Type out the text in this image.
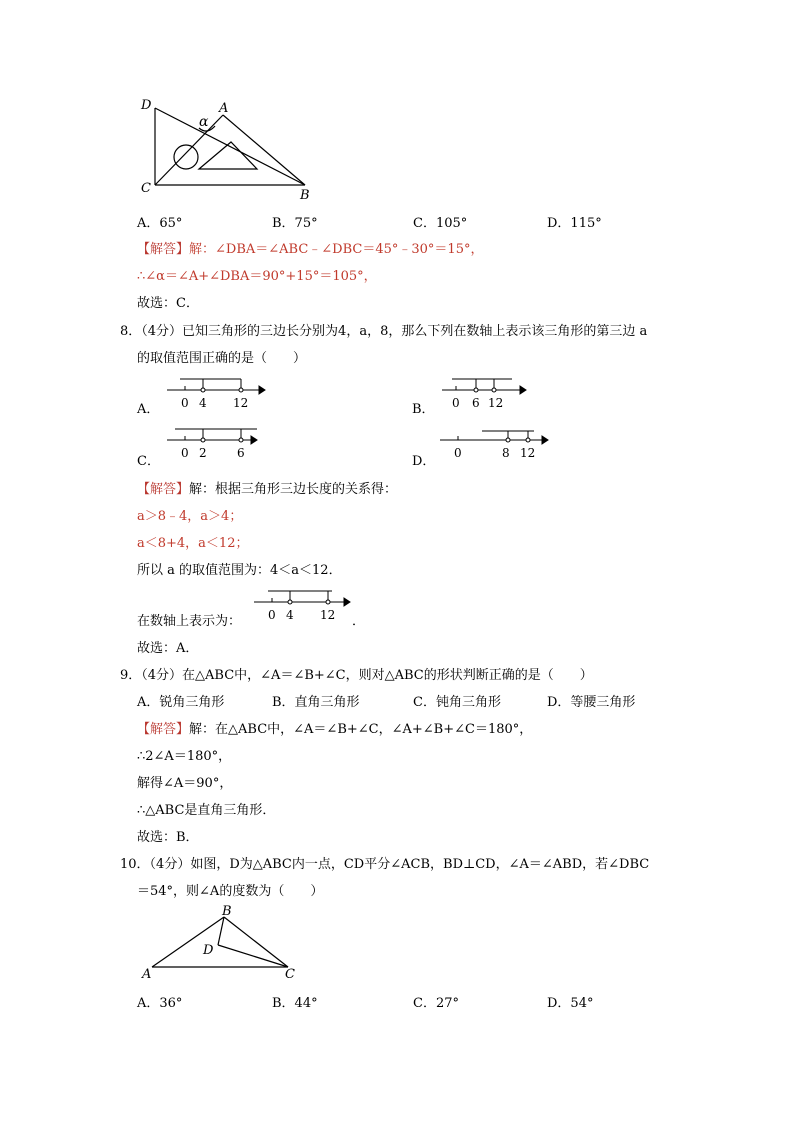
D	A
α
C	B
A．65°	B．75°	C．105°	D．115°
【解答】解：∠DBA＝∠ABC﹣∠DBC＝45°﹣30°＝15°，
∴∠α＝∠A+∠DBA＝90°+15°＝105°，
故选：C．
8．（4分）已知三角形的三边长分别为4，a，8，那么下列在数轴上表示该三角形的第三边 a
的取值范围正确的是（　　）
A． 0 4 12	B． 0 6 12
C．
0 2	6
D．
0	8 12
【解答】解：根据三角形三边长度的关系得：
a＞8﹣4，a＞4；
a＜8+4，a＜12；
所以 a 的取值范围为：4＜a＜12．
在数轴上表示为： 0 4 12 ．
故选：A．
9．（4分）在△ABC中，∠A＝∠B+∠C，则对△ABC的形状判断正确的是（　　）
A．锐角三角形	B．直角三角形	C．钝角三角形	D．等腰三角形
【解答】解：在△ABC中，∠A＝∠B+∠C，∠A+∠B+∠C＝180°，
∴2∠A＝180°，
解得∠A＝90°，
∴△ABC是直角三角形．
故选：B．
10．（4分）如图，D为△ABC内一点，CD平分∠ACB，BD⊥CD，∠A＝∠ABD，若∠DBC
＝54°，则∠A的度数为（　　）
B
D
A	C
A．36°	B．44°	C．27°	D．54°
